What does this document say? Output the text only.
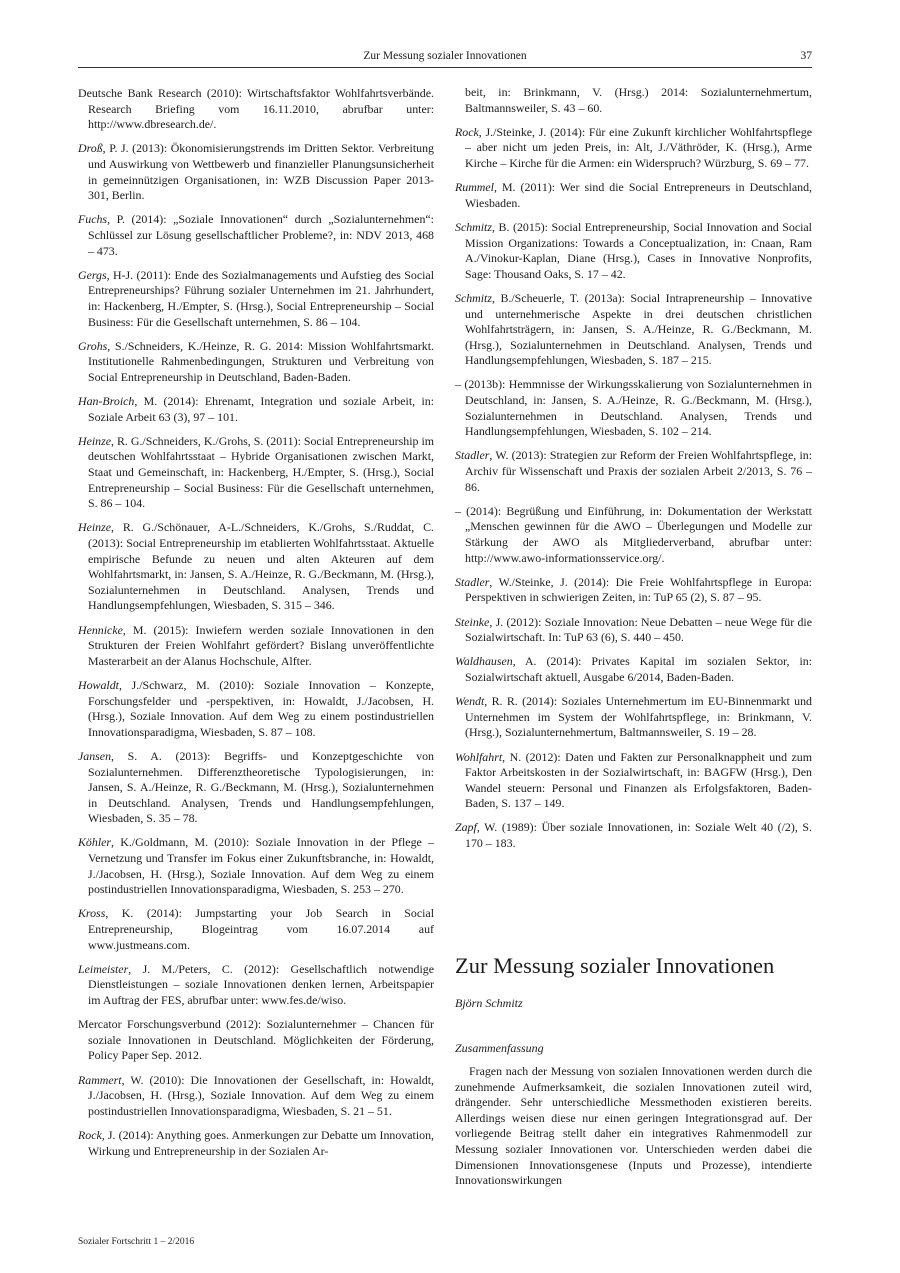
Zur Messung sozialer Innovationen	37
Deutsche Bank Research (2010): Wirtschaftsfaktor Wohlfahrtsverbände. Research Briefing vom 16.11.2010, abrufbar unter: http://www.dbresearch.de/.
Droß, P. J. (2013): Ökonomisierungstrends im Dritten Sektor. Verbreitung und Auswirkung von Wettbewerb und finanzieller Planungsunsicherheit in gemeinnützigen Organisationen, in: WZB Discussion Paper 2013-301, Berlin.
Fuchs, P. (2014): „Soziale Innovationen“ durch „Sozialunternehmen“: Schlüssel zur Lösung gesellschaftlicher Probleme?, in: NDV 2013, 468 – 473.
Gergs, H-J. (2011): Ende des Sozialmanagements und Aufstieg des Social Entrepreneurships? Führung sozialer Unternehmen im 21. Jahrhundert, in: Hackenberg, H./Empter, S. (Hrsg.), Social Entrepreneurship – Social Business: Für die Gesellschaft unternehmen, S. 86 – 104.
Grohs, S./Schneiders, K./Heinze, R. G. 2014: Mission Wohlfahrtsmarkt. Institutionelle Rahmenbedingungen, Strukturen und Verbreitung von Social Entrepreneurship in Deutschland, Baden-Baden.
Han-Broich, M. (2014): Ehrenamt, Integration und soziale Arbeit, in: Soziale Arbeit 63 (3), 97 – 101.
Heinze, R. G./Schneiders, K./Grohs, S. (2011): Social Entrepreneurship im deutschen Wohlfahrtsstaat – Hybride Organisationen zwischen Markt, Staat und Gemeinschaft, in: Hackenberg, H./Empter, S. (Hrsg.), Social Entrepreneurship – Social Business: Für die Gesellschaft unternehmen, S. 86 – 104.
Heinze, R. G./Schönauer, A-L./Schneiders, K./Grohs, S./Ruddat, C. (2013): Social Entrepreneurship im etablierten Wohlfahrtsstaat. Aktuelle empirische Befunde zu neuen und alten Akteuren auf dem Wohlfahrtsmarkt, in: Jansen, S. A./Heinze, R. G./Beckmann, M. (Hrsg.), Sozialunternehmen in Deutschland. Analysen, Trends und Handlungsempfehlungen, Wiesbaden, S. 315 – 346.
Hennicke, M. (2015): Inwiefern werden soziale Innovationen in den Strukturen der Freien Wohlfahrt gefördert? Bislang unveröffentlichte Masterarbeit an der Alanus Hochschule, Alfter.
Howaldt, J./Schwarz, M. (2010): Soziale Innovation – Konzepte, Forschungsfelder und -perspektiven, in: Howaldt, J./Jacobsen, H. (Hrsg.), Soziale Innovation. Auf dem Weg zu einem postindustriellen Innovationsparadigma, Wiesbaden, S. 87 – 108.
Jansen, S. A. (2013): Begriffs- und Konzeptgeschichte von Sozialunternehmen. Differenztheoretische Typologisierungen, in: Jansen, S. A./Heinze, R. G./Beckmann, M. (Hrsg.), Sozialunternehmen in Deutschland. Analysen, Trends und Handlungsempfehlungen, Wiesbaden, S. 35 – 78.
Köhler, K./Goldmann, M. (2010): Soziale Innovation in der Pflege – Vernetzung und Transfer im Fokus einer Zukunftsbranche, in: Howaldt, J./Jacobsen, H. (Hrsg.), Soziale Innovation. Auf dem Weg zu einem postindustriellen Innovationsparadigma, Wiesbaden, S. 253 – 270.
Kross, K. (2014): Jumpstarting your Job Search in Social Entrepreneurship, Blogeintrag vom 16.07.2014 auf www.justmeans.com.
Leimeister, J. M./Peters, C. (2012): Gesellschaftlich notwendige Dienstleistungen – soziale Innovationen denken lernen, Arbeitspapier im Auftrag der FES, abrufbar unter: www.fes.de/wiso.
Mercator Forschungsverbund (2012): Sozialunternehmer – Chancen für soziale Innovationen in Deutschland. Möglichkeiten der Förderung, Policy Paper Sep. 2012.
Rammert, W. (2010): Die Innovationen der Gesellschaft, in: Howaldt, J./Jacobsen, H. (Hrsg.), Soziale Innovation. Auf dem Weg zu einem postindustriellen Innovationsparadigma, Wiesbaden, S. 21 – 51.
Rock, J. (2014): Anything goes. Anmerkungen zur Debatte um Innovation, Wirkung und Entrepreneurship in der Sozialen Ar-
beit, in: Brinkmann, V. (Hrsg.) 2014: Sozialunternehmertum, Baltmannsweiler, S. 43 – 60.
Rock, J./Steinke, J. (2014): Für eine Zukunft kirchlicher Wohlfahrtspflege – aber nicht um jeden Preis, in: Alt, J./Väthröder, K. (Hrsg.), Arme Kirche – Kirche für die Armen: ein Widerspruch? Würzburg, S. 69 – 77.
Rummel, M. (2011): Wer sind die Social Entrepreneurs in Deutschland, Wiesbaden.
Schmitz, B. (2015): Social Entrepreneurship, Social Innovation and Social Mission Organizations: Towards a Conceptualization, in: Cnaan, Ram A./Vinokur-Kaplan, Diane (Hrsg.), Cases in Innovative Nonprofits, Sage: Thousand Oaks, S. 17 – 42.
Schmitz, B./Scheuerle, T. (2013a): Social Intrapreneurship – Innovative und unternehmerische Aspekte in drei deutschen christlichen Wohlfahrtsträgern, in: Jansen, S. A./Heinze, R. G./Beckmann, M. (Hrsg.), Sozialunternehmen in Deutschland. Analysen, Trends und Handlungsempfehlungen, Wiesbaden, S. 187 – 215.
– (2013b): Hemmnisse der Wirkungsskalierung von Sozialunternehmen in Deutschland, in: Jansen, S. A./Heinze, R. G./Beckmann, M. (Hrsg.), Sozialunternehmen in Deutschland. Analysen, Trends und Handlungsempfehlungen, Wiesbaden, S. 102 – 214.
Stadler, W. (2013): Strategien zur Reform der Freien Wohlfahrtspflege, in: Archiv für Wissenschaft und Praxis der sozialen Arbeit 2/2013, S. 76 – 86.
– (2014): Begrüßung und Einführung, in: Dokumentation der Werkstatt „Menschen gewinnen für die AWO – Überlegungen und Modelle zur Stärkung der AWO als Mitgliederverband, abrufbar unter: http://www.awo-informationsservice.org/.
Stadler, W./Steinke, J. (2014): Die Freie Wohlfahrtspflege in Europa: Perspektiven in schwierigen Zeiten, in: TuP 65 (2), S. 87 – 95.
Steinke, J. (2012): Soziale Innovation: Neue Debatten – neue Wege für die Sozialwirtschaft. In: TuP 63 (6), S. 440 – 450.
Waldhausen, A. (2014): Privates Kapital im sozialen Sektor, in: Sozialwirtschaft aktuell, Ausgabe 6/2014, Baden-Baden.
Wendt, R. R. (2014): Soziales Unternehmertum im EU-Binnenmarkt und Unternehmen im System der Wohlfahrtspflege, in: Brinkmann, V. (Hrsg.), Sozialunternehmertum, Baltmannsweiler, S. 19 – 28.
Wohlfahrt, N. (2012): Daten und Fakten zur Personalknappheit und zum Faktor Arbeitskosten in der Sozialwirtschaft, in: BAGFW (Hrsg.), Den Wandel steuern: Personal und Finanzen als Erfolgsfaktoren, Baden-Baden, S. 137 – 149.
Zapf, W. (1989): Über soziale Innovationen, in: Soziale Welt 40 (/2), S. 170 – 183.
Zur Messung sozialer Innovationen
Björn Schmitz
Zusammenfassung
Fragen nach der Messung von sozialen Innovationen werden durch die zunehmende Aufmerksamkeit, die sozialen Innovationen zuteil wird, drängender. Sehr unterschiedliche Messmethoden existieren bereits. Allerdings weisen diese nur einen geringen Integrationsgrad auf. Der vorliegende Beitrag stellt daher ein integratives Rahmenmodell zur Messung sozialer Innovationen vor. Unterschieden werden dabei die Dimensionen Innovationsgenese (Inputs und Prozesse), intendierte Innovationswirkungen
Sozialer Fortschritt 1 – 2/2016
